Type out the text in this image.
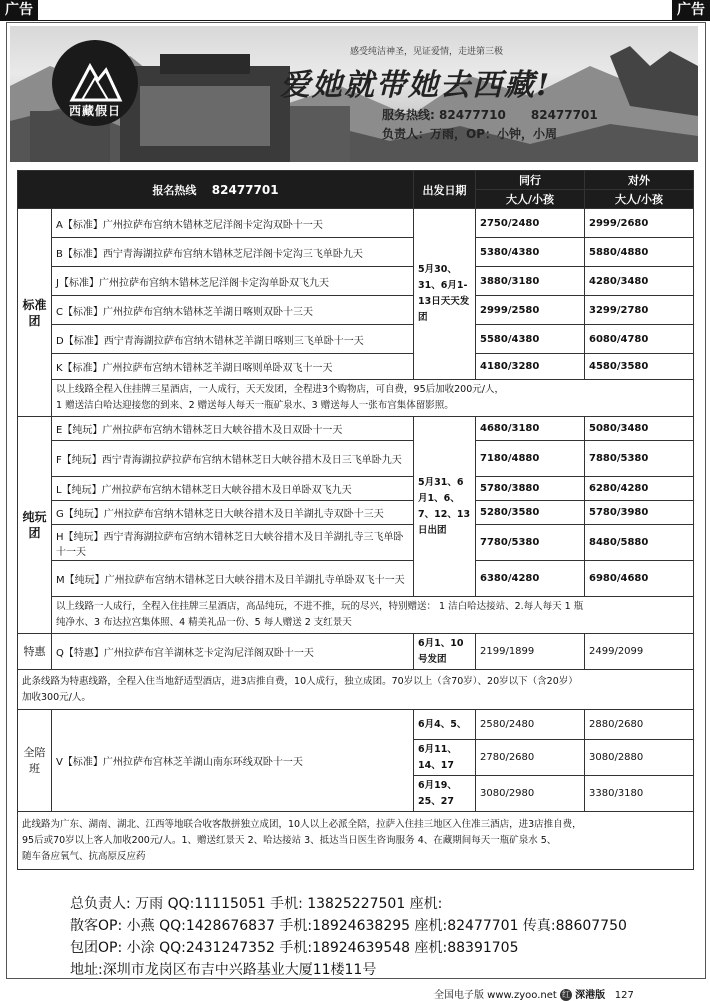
广告	广告
西藏假日
感受纯洁神圣，见证爱情，走进第三极
爱她就带她去西藏!
服务热线: 82477710 82477701
负责人：万雨，OP：小钟，小周
报名热线 82477701		出发日期	同行	对外
			大人/小孩	大人/小孩
标准团	A【标准】广州拉萨布宫纳木错林芝尼洋阁卡定沟双卧十一天	5月30、31、6月1-13日天天发团	2750/2480	2999/2680
	B【标准】西宁青海湖拉萨布宫纳木错林芝尼洋阁卡定沟三飞单卧九天		5380/4380	5880/4880
	J【标准】广州拉萨布宫纳木错林芝尼洋阁卡定沟单卧双飞九天		3880/3180	4280/3480
	C【标准】广州拉萨布宫纳木错林芝羊湖日喀则双卧十三天		2999/2580	3299/2780
	D【标准】西宁青海湖拉萨布宫纳木错林芝羊湖日喀则三飞单卧十一天		5580/4380	6080/4780
	K【标准】广州拉萨布宫纳木错林芝羊湖日喀则单卧双飞十一天		4180/3280	4580/3580

	以上线路全程入住挂牌三星酒店，一人成行，天天发团，全程进3个购物店，可自费，95后加收200元/人，
1 赠送洁白哈达迎接您的到来、2 赠送每人每天一瓶矿泉水、3 赠送每人一张布宫集体留影照。			

纯玩团	E【纯玩】广州拉萨布宫纳木错林芝日大峡谷措木及日双卧十一天	5月31、6月1、6、7、12、13日出团	4680/3180	5080/3480
	F【纯玩】西宁青海湖拉萨拉萨布宫纳木错林芝日大峡谷措木及日三飞单卧九天		7180/4880	7880/5380
	L【纯玩】广州拉萨布宫纳木错林芝日大峡谷措木及日单卧双飞九天		5780/3880	6280/4280
	G【纯玩】广州拉萨布宫纳木错林芝日大峡谷措木及日羊湖扎寺双卧十三天		5280/3580	5780/3980
	H【纯玩】西宁青海湖拉萨布宫纳木错林芝日大峡谷措木及日羊湖扎寺三飞单卧十一天		7780/5380	8480/5880
	M【纯玩】广州拉萨布宫纳木错林芝日大峡谷措木及日羊湖扎寺单卧双飞十一天		6380/4280	6980/4680

	以上线路一人成行，全程入住挂牌三星酒店，高品纯玩，不进不推，玩的尽兴，特别赠送： 1 洁白哈达接站、2.每人每天 1 瓶
纯净水、3 布达拉宫集体照、4 精美礼品一份、5 每人赠送 2 支红景天			

特惠	Q【特惠】广州拉萨布宫羊湖林芝卡定沟尼洋阁双卧十一天	6月1、10号发团	2199/1899	2499/2099

此条线路为特惠线路，全程入住当地舒适型酒店，进3店推自费，10人成行，独立成团。70岁以上（含70岁）、20岁以下（含20岁）
加收300元/人。				

全陪班	V【标准】广州拉萨布宫林芝羊湖山南东环线双卧十一天	6月4、5、	2580/2480	2880/2680
		6月11、14、17	2780/2680	3080/2880
		6月19、25、27	3080/2980	3380/3180

此线路为广东、湖南、湖北、江西等地联合收客散拼独立成团，10人以上必派全陪，拉萨入住挂三地区入住准三酒店，进3店推自费，
95后或70岁以上客人加收200元/人。1、赠送红景天 2、哈达接站 3、抵达当日医生咨询服务 4、在藏期间每天一瓶矿泉水 5、
随车备应氧气、抗高原反应药				
总负责人: 万雨 QQ:11115051 手机: 13825227501 座机:
散客OP: 小燕 QQ:1428676837 手机:18924638295 座机:82477701 传真:88607750
包团OP: 小涂 QQ:2431247352 手机:18924639548 座机:88391705
地址:深圳市龙岗区布吉中兴路基业大厦11楼11号
全国电子版 www.zyoo.net 红 深港版 127
